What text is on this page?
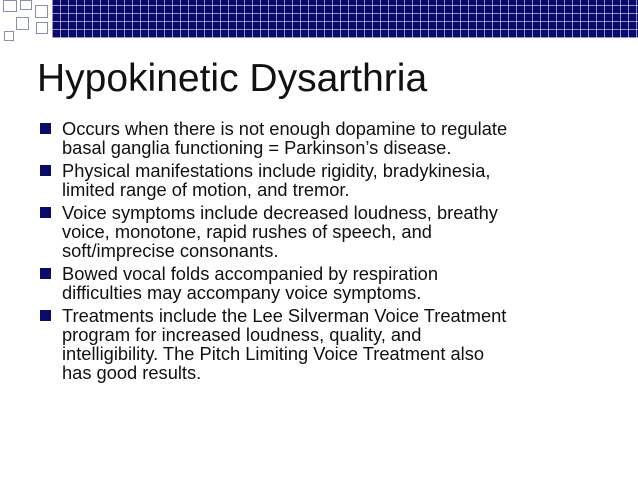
Hypokinetic Dysarthria
Occurs when there is not enough dopamine to regulate
basal ganglia functioning = Parkinson’s disease.
Physical manifestations include rigidity, bradykinesia,
limited range of motion, and tremor.
Voice symptoms include decreased loudness, breathy
voice, monotone, rapid rushes of speech, and
soft/imprecise consonants.
Bowed vocal folds accompanied by respiration
difficulties may accompany voice symptoms.
Treatments include the Lee Silverman Voice Treatment
program for increased loudness, quality, and
intelligibility. The Pitch Limiting Voice Treatment also
has good results.
